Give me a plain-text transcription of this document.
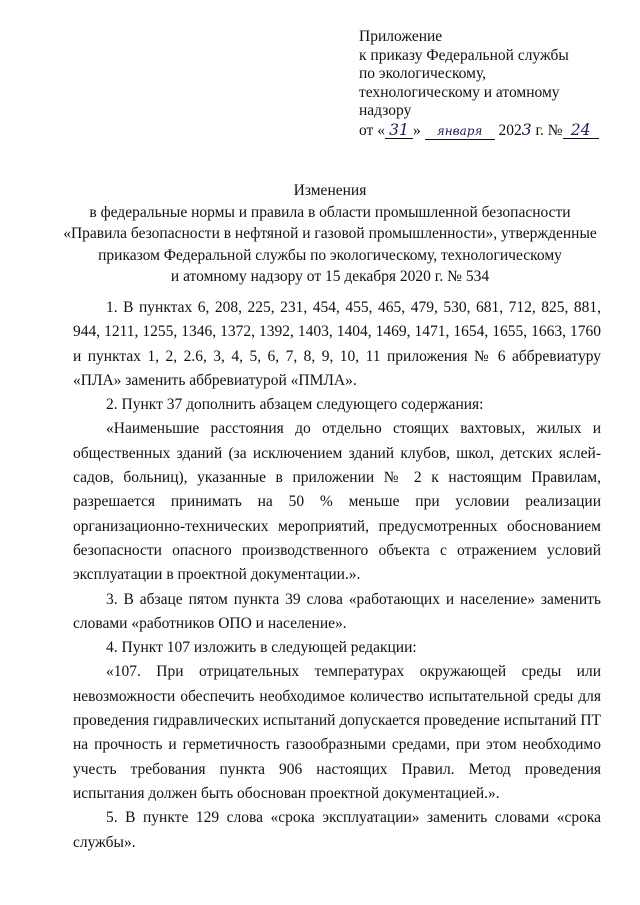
Приложение
к приказу Федеральной службы
по экологическому,
технологическому и атомному
надзору
от « 31 » января 2023 г. № 24
Изменения
в федеральные нормы и правила в области промышленной безопасности
«Правила безопасности в нефтяной и газовой промышленности», утвержденные
приказом Федеральной службы по экологическому, технологическому
и атомному надзору от 15 декабря 2020 г. № 534

1. В пунктах 6, 208, 225, 231, 454, 455, 465, 479, 530, 681, 712, 825, 881, 944, 1211, 1255, 1346, 1372, 1392, 1403, 1404, 1469, 1471, 1654, 1655, 1663, 1760 и пунктах 1, 2, 2.6, 3, 4, 5, 6, 7, 8, 9, 10, 11 приложения № 6 аббревиатуру «ПЛА» заменить аббревиатурой «ПМЛА».

2. Пункт 37 дополнить абзацем следующего содержания:

«Наименьшие расстояния до отдельно стоящих вахтовых, жилых и общественных зданий (за исключением зданий клубов, школ, детских яслей-садов, больниц), указанные в приложении № 2 к настоящим Правилам, разрешается принимать на 50 % меньше при условии реализации организационно-технических мероприятий, предусмотренных обоснованием безопасности опасного производственного объекта с отражением условий эксплуатации в проектной документации.».

3. В абзаце пятом пункта 39 слова «работающих и население» заменить словами «работников ОПО и население».

4. Пункт 107 изложить в следующей редакции:

«107. При отрицательных температурах окружающей среды или невозможности обеспечить необходимое количество испытательной среды для проведения гидравлических испытаний допускается проведение испытаний ПТ на прочность и герметичность газообразными средами, при этом необходимо учесть требования пункта 906 настоящих Правил. Метод проведения испытания должен быть обоснован проектной документацией.».

5. В пункте 129 слова «срока эксплуатации» заменить словами «срока службы».
